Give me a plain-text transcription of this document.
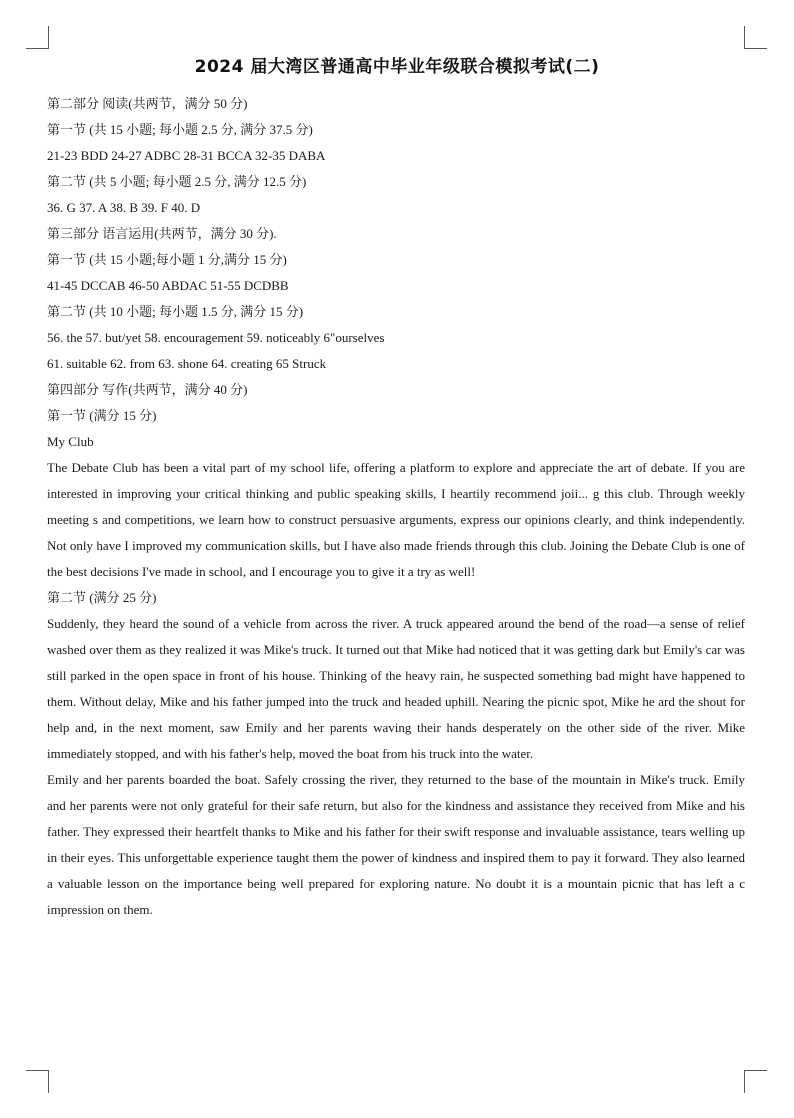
2024 届大湾区普通高中毕业年级联合模拟考试(二)
第二部分 阅读(共两节，满分 50 分)
第一节 (共 15 小题; 每小题 2.5 分, 满分 37.5 分)
21-23 BDD 24-27 ADBC 28-31 BCCA 32-35 DABA
第二节 (共 5 小题; 每小题 2.5 分, 满分 12.5 分)
36. G 37. A 38. B 39. F 40. D
第三部分 语言运用(共两节，满分 30 分).
第一节 (共 15 小题;每小题 1 分,满分 15 分)
41-45 DCCAB 46-50 ABDAC 51-55 DCDBB
第二节 (共 10 小题; 每小题 1.5 分, 满分 15 分)
56. the 57. but/yet 58. encouragement 59. noticeably 6"ourselves
61. suitable 62. from 63. shone 64. creating 65 Struck
第四部分 写作(共两节，满分 40 分)
第一节 (满分 15 分)
My Club
The Debate Club has been a vital part of my school life, offering a platform to explore and appreciate the art of debate. If you are interested in improving your critical thinking and public speaking skills, I heartily recommend joii... g this club. Through weekly meeting s and competitions, we learn how to construct persuasive arguments, express our opinions clearly, and think independently. Not only have I improved my communication skills, but I have also made friends through this club. Joining the Debate Club is one of the best decisions I've made in school, and I encourage you to give it a try as well!
第二节 (满分 25 分)
Suddenly, they heard the sound of a vehicle from across the river. A truck appeared around the bend of the road—a sense of relief washed over them as they realized it was Mike's truck. It turned out that Mike had noticed that it was getting dark but Emily's car was still parked in the open space in front of his house. Thinking of the heavy rain, he suspected something bad might have happened to them. Without delay, Mike and his father jumped into the truck and headed uphill. Nearing the picnic spot, Mike he ard the shout for help and, in the next moment, saw Emily and her parents waving their hands desperately on the other side of the river. Mike immediately stopped, and with his father's help, moved the boat from his truck into the water.
Emily and her parents boarded the boat. Safely crossing the river, they returned to the base of the mountain in Mike's truck. Emily and her parents were not only grateful for their safe return, but also for the kindness and assistance they received from Mike and his father. They expressed their heartfelt thanks to Mike and his father for their swift response and invaluable assistance, tears welling up in their eyes. This unforgettable experience taught them the power of kindness and inspired them to pay it forward. They also learned a valuable lesson on the importance being well prepared for exploring nature. No doubt it is a mountain picnic that has left a c impression on them.
